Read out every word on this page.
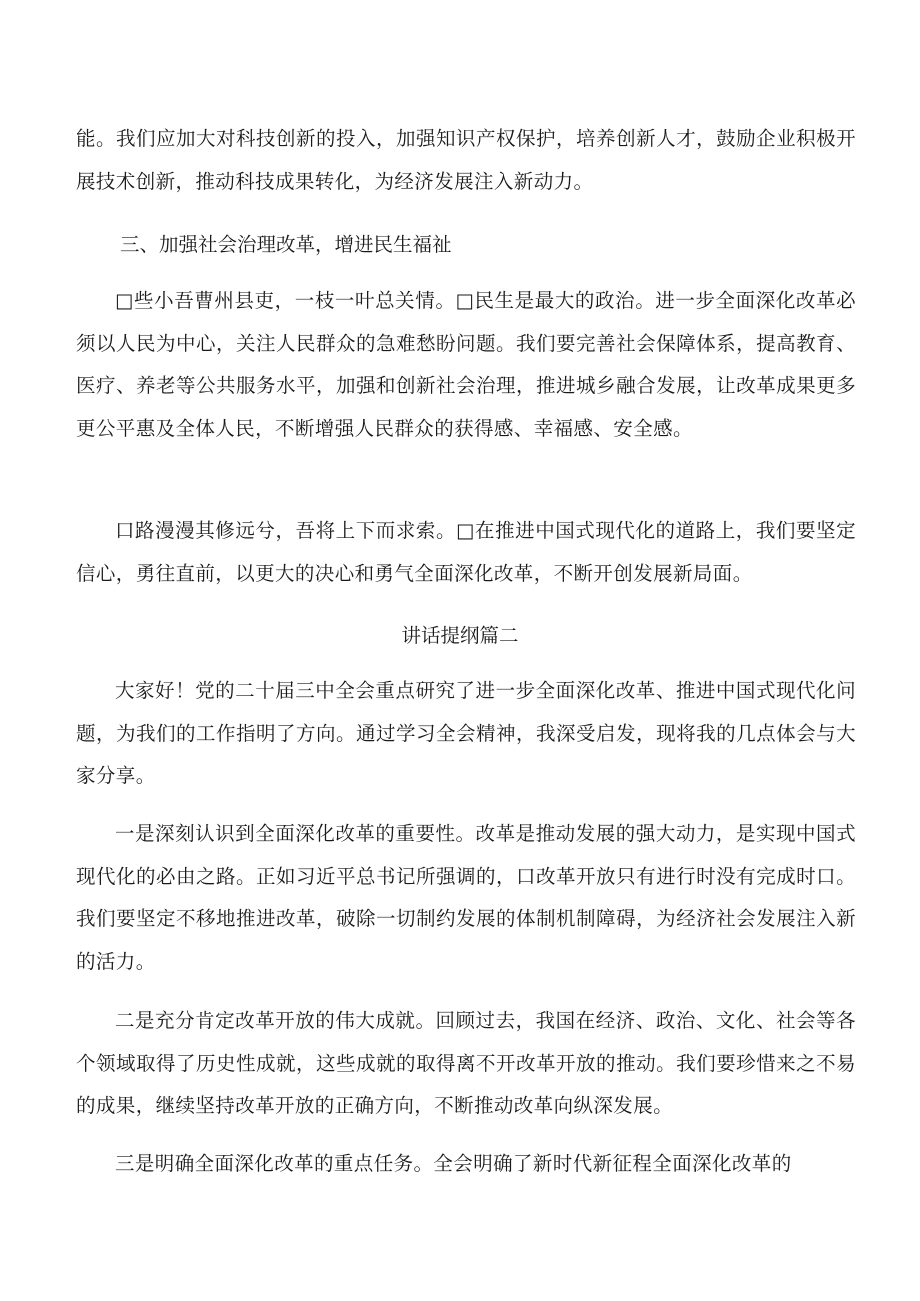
能。我们应加大对科技创新的投入，加强知识产权保护，培养创新人才，鼓励企业积极开展技术创新，推动科技成果转化，为经济发展注入新动力。

三、加强社会治理改革，增进民生福祉

□些小吾曹州县吏，一枝一叶总关情。□民生是最大的政治。进一步全面深化改革必须以人民为中心，关注人民群众的急难愁盼问题。我们要完善社会保障体系，提高教育、医疗、养老等公共服务水平，加强和创新社会治理，推进城乡融合发展，让改革成果更多更公平惠及全体人民，不断增强人民群众的获得感、幸福感、安全感。

口路漫漫其修远兮，吾将上下而求索。□在推进中国式现代化的道路上，我们要坚定信心，勇往直前，以更大的决心和勇气全面深化改革，不断开创发展新局面。

讲话提纲篇二

大家好！党的二十届三中全会重点研究了进一步全面深化改革、推进中国式现代化问题，为我们的工作指明了方向。通过学习全会精神，我深受启发，现将我的几点体会与大家分享。

一是深刻认识到全面深化改革的重要性。改革是推动发展的强大动力，是实现中国式现代化的必由之路。正如习近平总书记所强调的，口改革开放只有进行时没有完成时口。我们要坚定不移地推进改革，破除一切制约发展的体制机制障碍，为经济社会发展注入新的活力。

二是充分肯定改革开放的伟大成就。回顾过去，我国在经济、政治、文化、社会等各个领域取得了历史性成就，这些成就的取得离不开改革开放的推动。我们要珍惜来之不易的成果，继续坚持改革开放的正确方向，不断推动改革向纵深发展。

三是明确全面深化改革的重点任务。全会明确了新时代新征程全面深化改革的
